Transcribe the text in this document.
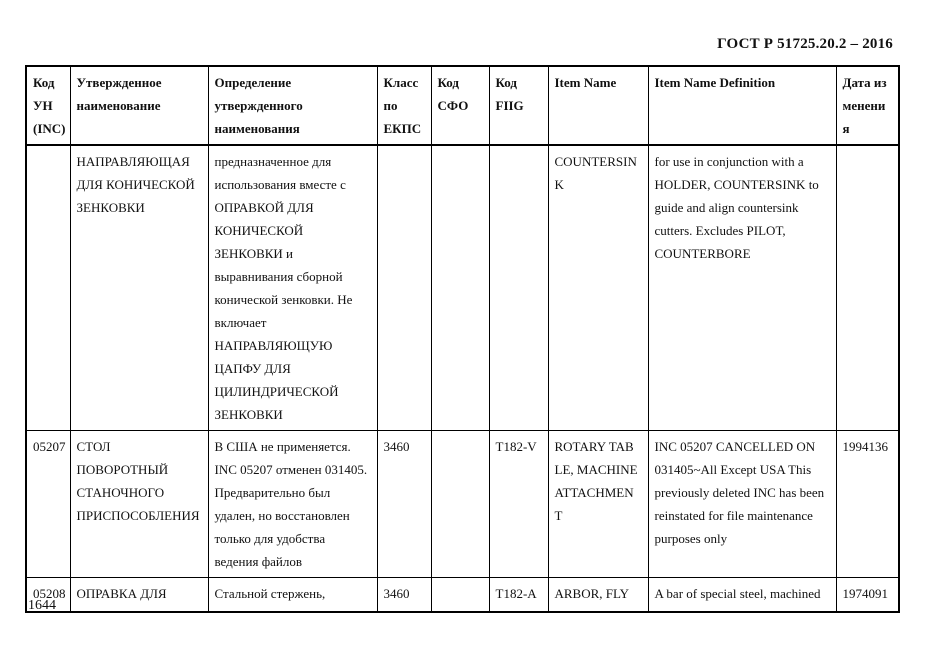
ГОСТ Р 51725.20.2 – 2016
Код УН (INC)	Утвержденное наименование	Определение утвержденного наименования	Класс по ЕКПС	Код СФО	Код FIIG	Item Name	Item Name Definition	Дата изменения
	НАПРАВЛЯЮЩАЯ ДЛЯ КОНИЧЕСКОЙ ЗЕНКОВКИ	предназначенное для использования вместе с ОПРАВКОЙ ДЛЯ КОНИЧЕСКОЙ ЗЕНКОВКИ и выравнивания сборной конической зенковки. Не включает НАПРАВЛЯЮЩУЮ ЦАПФУ ДЛЯ ЦИЛИНДРИЧЕСКОЙ ЗЕНКОВКИ				COUNTERSINK	for use in conjunction with a HOLDER, COUNTERSINK to guide and align countersink cutters. Excludes PILOT, COUNTERBORE	
05207	СТОЛ ПОВОРОТНЫЙ СТАНОЧНОГО ПРИСПОСОБЛЕНИЯ	В США не применяется. INC 05207 отменен 031405. Предварительно был удален, но восстановлен только для удобства ведения файлов	3460		T182-V	ROTARY TABLE, MACHINE ATTACHMENT	INC 05207 CANCELLED ON 031405~All Except USA This previously deleted INC has been reinstated for file maintenance purposes only	1994136
05208	ОПРАВКА ДЛЯ	Стальной стержень,	3460		T182-A	ARBOR, FLY	A bar of special steel, machined	1974091
1644
